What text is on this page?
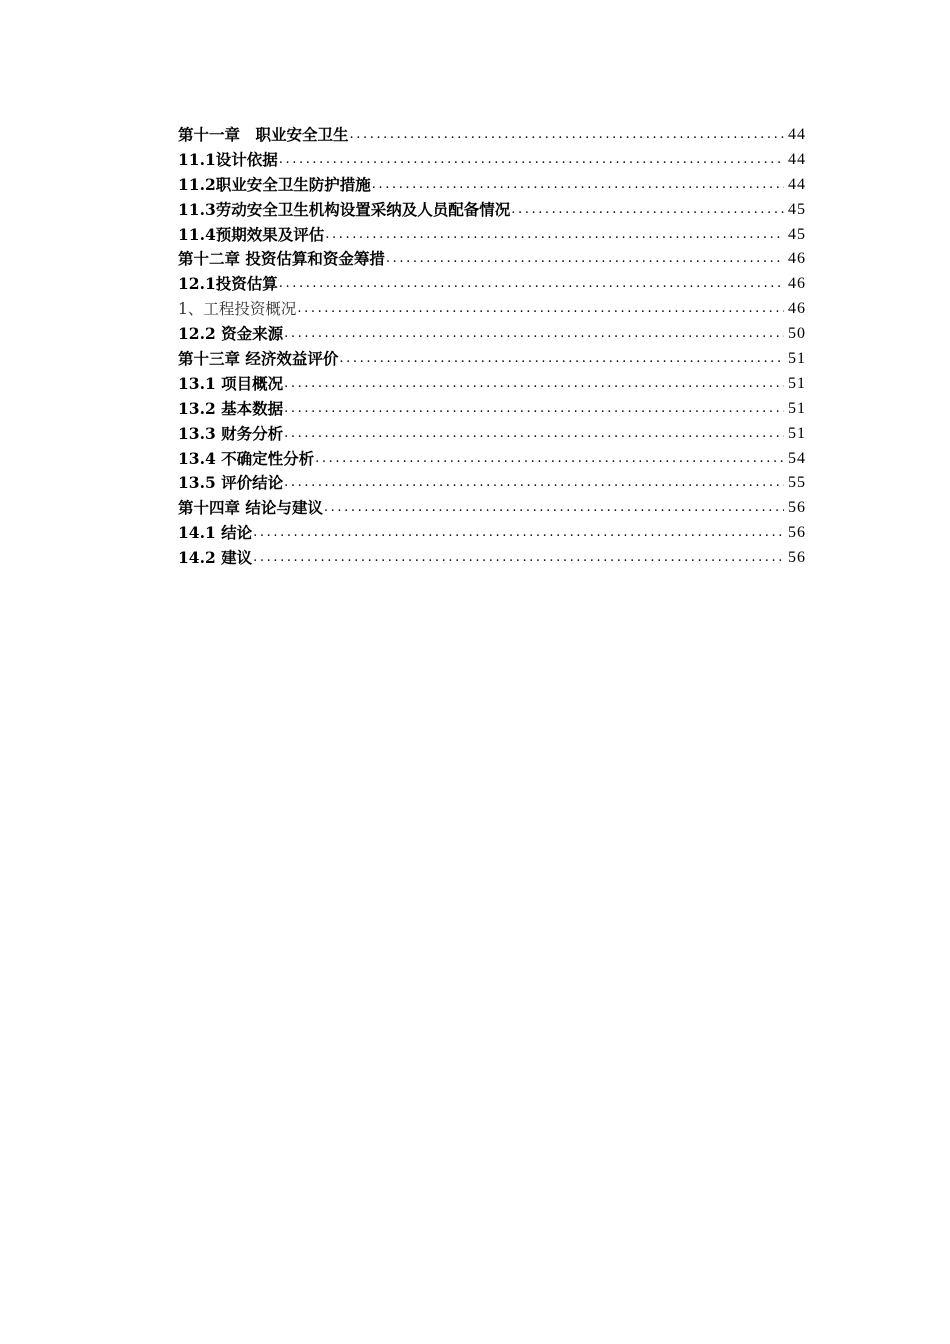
第十一章　职业安全卫生 .....	44
11.1设计依据 .....	44
11.2职业安全卫生防护措施 .....	44
11.3劳动安全卫生机构设置采纳及人员配备情况 .....	45
11.4预期效果及评估 .....	45
第十二章 投资估算和资金筹措 .....	46
12.1投资估算 .....	46
1、工程投资概况 .....	46
12.2 资金来源 .....	50
第十三章 经济效益评价 .....	51
13.1 项目概况 .....	51
13.2 基本数据 .....	51
13.3 财务分析 .....	51
13.4 不确定性分析 .....	54
13.5 评价结论 .....	55
第十四章 结论与建议 .....	56
14.1 结论 .....	56
14.2 建议 .....	56
